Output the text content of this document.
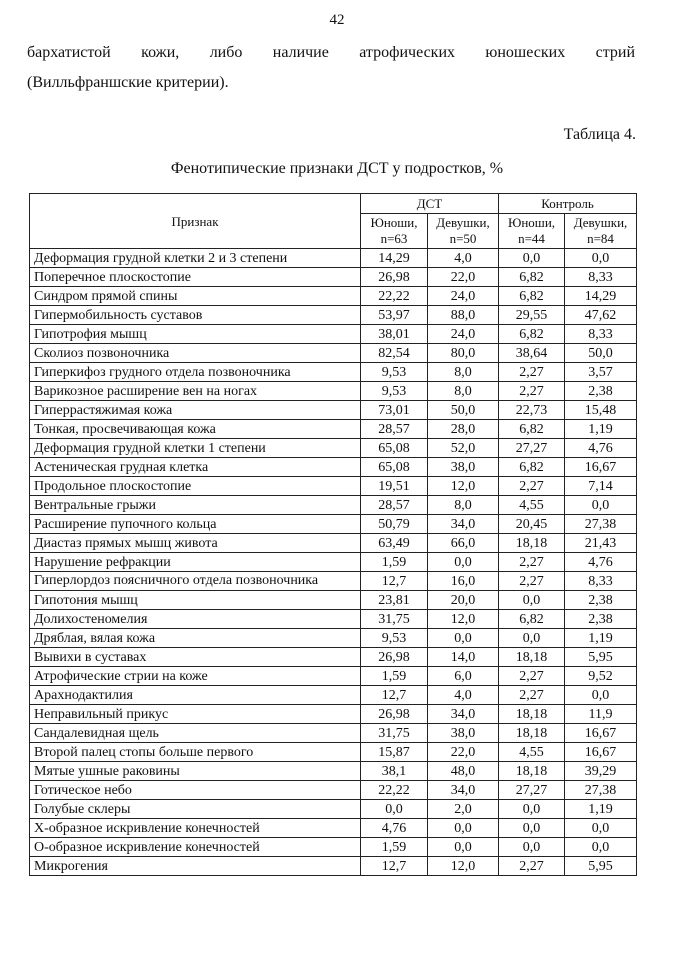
42
бархатистой кожи, либо наличие атрофических юношеских стрий
(Вилльфраншские критерии).
Таблица 4.
Фенотипические признаки ДСТ у подростков, %
Признак	ДСТ		Контроль	
	Юноши, n=63	Девушки, n=50	Юноши, n=44	Девушки, n=84
Деформация грудной клетки 2 и 3 степени	14,29	4,0	0,0	0,0
Поперечное плоскостопие	26,98	22,0	6,82	8,33
Синдром прямой спины	22,22	24,0	6,82	14,29
Гипермобильность суставов	53,97	88,0	29,55	47,62
Гипотрофия мышц	38,01	24,0	6,82	8,33
Сколиоз позвоночника	82,54	80,0	38,64	50,0
Гиперкифоз грудного отдела позвоночника	9,53	8,0	2,27	3,57
Варикозное расширение вен на ногах	9,53	8,0	2,27	2,38
Гиперрастяжимая кожа	73,01	50,0	22,73	15,48
Тонкая, просвечивающая кожа	28,57	28,0	6,82	1,19
Деформация грудной клетки 1 степени	65,08	52,0	27,27	4,76
Астеническая грудная клетка	65,08	38,0	6,82	16,67
Продольное плоскостопие	19,51	12,0	2,27	7,14
Вентральные грыжи	28,57	8,0	4,55	0,0
Расширение пупочного кольца	50,79	34,0	20,45	27,38
Диастаз прямых мышц живота	63,49	66,0	18,18	21,43
Нарушение рефракции	1,59	0,0	2,27	4,76
Гиперлордоз поясничного отдела позвоночника	12,7	16,0	2,27	8,33
Гипотония мышц	23,81	20,0	0,0	2,38
Долихостеномелия	31,75	12,0	6,82	2,38
Дряблая, вялая кожа	9,53	0,0	0,0	1,19
Вывихи в суставах	26,98	14,0	18,18	5,95
Атрофические стрии на коже	1,59	6,0	2,27	9,52
Арахнодактилия	12,7	4,0	2,27	0,0
Неправильный прикус	26,98	34,0	18,18	11,9
Сандалевидная щель	31,75	38,0	18,18	16,67
Второй палец стопы больше первого	15,87	22,0	4,55	16,67
Мятые ушные раковины	38,1	48,0	18,18	39,29
Готическое небо	22,22	34,0	27,27	27,38
Голубые склеры	0,0	2,0	0,0	1,19
Х-образное искривление конечностей	4,76	0,0	0,0	0,0
О-образное искривление конечностей	1,59	0,0	0,0	0,0
Микрогения	12,7	12,0	2,27	5,95
